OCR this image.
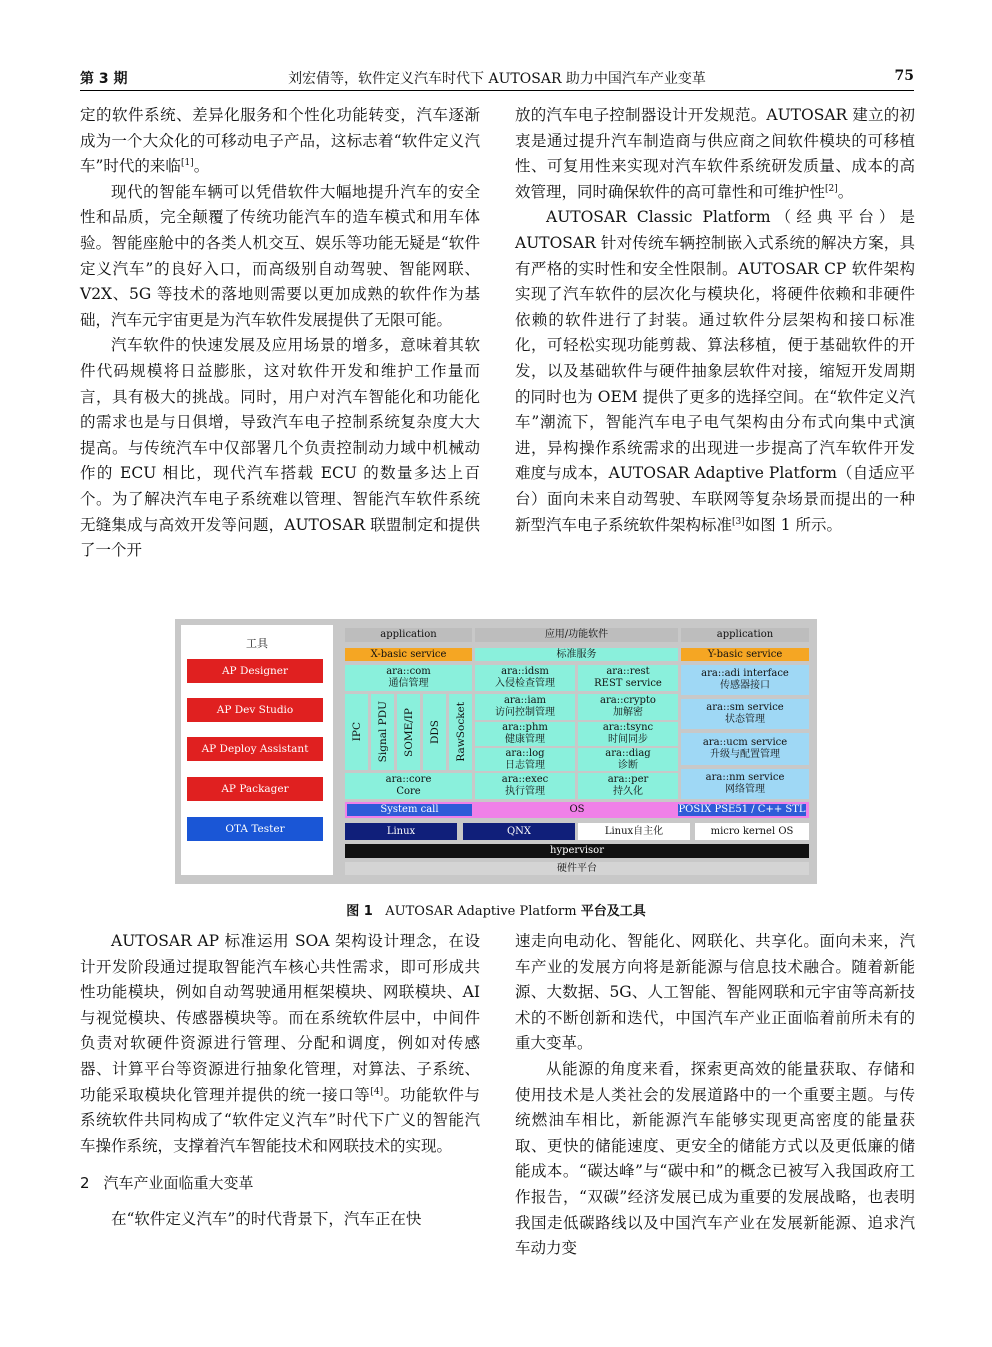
第 3 期	刘宏倩等，软件定义汽车时代下 AUTOSAR 助力中国汽车产业变革	75

定的软件系统、差异化服务和个性化功能转变，汽车逐渐成为一个大众化的可移动电子产品，这标志着“软件定义汽车”时代的来临[1]。

现代的智能车辆可以凭借软件大幅地提升汽车的安全性和品质，完全颠覆了传统功能汽车的造车模式和用车体验。智能座舱中的各类人机交互、娱乐等功能无疑是“软件定义汽车”的良好入口，而高级别自动驾驶、智能网联、V2X、5G 等技术的落地则需要以更加成熟的软件作为基础，汽车元宇宙更是为汽车软件发展提供了无限可能。

汽车软件的快速发展及应用场景的增多，意味着其软件代码规模将日益膨胀，这对软件开发和维护工作量而言，具有极大的挑战。同时，用户对汽车智能化和功能化的需求也是与日俱增，导致汽车电子控制系统复杂度大大提高。与传统汽车中仅部署几个负责控制动力域中机械动作的 ECU 相比，现代汽车搭载 ECU 的数量多达上百个。为了解决汽车电子系统难以管理、智能汽车软件系统无缝集成与高效开发等问题，AUTOSAR 联盟制定和提供了一个开

放的汽车电子控制器设计开发规范。AUTOSAR 建立的初衷是通过提升汽车制造商与供应商之间软件模块的可移植性、可复用性来实现对汽车软件系统研发质量、成本的高效管理，同时确保软件的高可靠性和可维护性[2]。

AUTOSAR Classic Platform（经典平台）是 AUTOSAR 针对传统车辆控制嵌入式系统的解决方案，具有严格的实时性和安全性限制。AUTOSAR CP 软件架构实现了汽车软件的层次化与模块化，将硬件依赖和非硬件依赖的软件进行了封装。通过软件分层架构和接口标准化，可轻松实现功能剪裁、算法移植，便于基础软件的开发，以及基础软件与硬件抽象层软件对接，缩短开发周期的同时也为 OEM 提供了更多的选择空间。在“软件定义汽车”潮流下，智能汽车电子电气架构由分布式向集中式演进，异构操作系统需求的出现进一步提高了汽车软件开发难度与成本，AUTOSAR Adaptive Platform（自适应平台）面向未来自动驾驶、车联网等复杂场景而提出的一种新型汽车电子系统软件架构标准[3]如图 1 所示。

工具
AP Designer
AP Dev Studio
AP Deploy Assistant
AP Packager
OTA Tester
application	应用/功能软件	application
X-basic service	标准服务	Y-basic service
ara::com
通信管理
IPC Signal PDU SOME/IP DDS RawSocket
ara::core
Core
ara::idsm
入侵检查管理
ara::iam
访问控制管理
ara::phm
健康管理
ara::log
日志管理
ara::exec
执行管理
ara::rest
REST service
ara::crypto
加解密
ara::tsync
时间同步
ara::diag
诊断
ara::per
持久化
ara::adi interface
传感器接口
ara::sm service
状态管理
ara::ucm service
升级与配置管理
ara::nm service
网络管理
OS
System call	POSIX PSE51 / C++ STL
Linux	QNX	Linux自主化	micro kernel OS
hypervisor
硬件平台
图 1 AUTOSAR Adaptive Platform 平台及工具

AUTOSAR AP 标准运用 SOA 架构设计理念，在设计开发阶段通过提取智能汽车核心共性需求，即可形成共性功能模块，例如自动驾驶通用框架模块、网联模块、AI 与视觉模块、传感器模块等。而在系统软件层中，中间件负责对软硬件资源进行管理、分配和调度，例如对传感器、计算平台等资源进行抽象化管理，对算法、子系统、功能采取模块化管理并提供的统一接口等[4]。功能软件与系统软件共同构成了“软件定义汽车”时代下广义的智能汽车操作系统，支撑着汽车智能技术和网联技术的实现。

2 汽车产业面临重大变革

在“软件定义汽车”的时代背景下，汽车正在快

速走向电动化、智能化、网联化、共享化。面向未来，汽车产业的发展方向将是新能源与信息技术融合。随着新能源、大数据、5G、人工智能、智能网联和元宇宙等高新技术的不断创新和迭代，中国汽车产业正面临着前所未有的重大变革。

从能源的角度来看，探索更高效的能量获取、存储和使用技术是人类社会的发展道路中的一个重要主题。与传统燃油车相比，新能源汽车能够实现更高密度的能量获取、更快的储能速度、更安全的储能方式以及更低廉的储能成本。“碳达峰”与“碳中和”的概念已被写入我国政府工作报告，“双碳”经济发展已成为重要的发展战略，也表明我国走低碳路线以及中国汽车产业在发展新能源、追求汽车动力变
